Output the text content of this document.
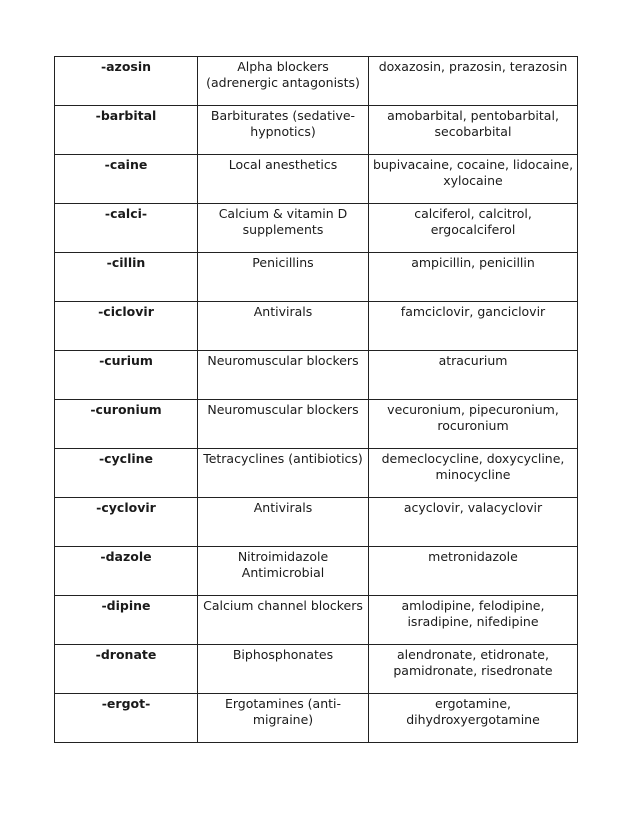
-azosin	Alpha blockers (adrenergic antagonists)	doxazosin, prazosin, terazosin
-barbital	Barbiturates (sedative-hypnotics)	amobarbital, pentobarbital, secobarbital
-caine	Local anesthetics	bupivacaine, cocaine, lidocaine, xylocaine
-calci-	Calcium & vitamin D supplements	calciferol, calcitrol, ergocalciferol
-cillin	Penicillins	ampicillin, penicillin
-ciclovir	Antivirals	famciclovir, ganciclovir
-curium	Neuromuscular blockers	atracurium
-curonium	Neuromuscular blockers	vecuronium, pipecuronium, rocuronium
-cycline	Tetracyclines (antibiotics)	demeclocycline, doxycycline, minocycline
-cyclovir	Antivirals	acyclovir, valacyclovir
-dazole	Nitroimidazole Antimicrobial	metronidazole
-dipine	Calcium channel blockers	amlodipine, felodipine, isradipine, nifedipine
-dronate	Biphosphonates	alendronate, etidronate, pamidronate, risedronate
-ergot-	Ergotamines (anti-migraine)	ergotamine, dihydroxyergotamine
